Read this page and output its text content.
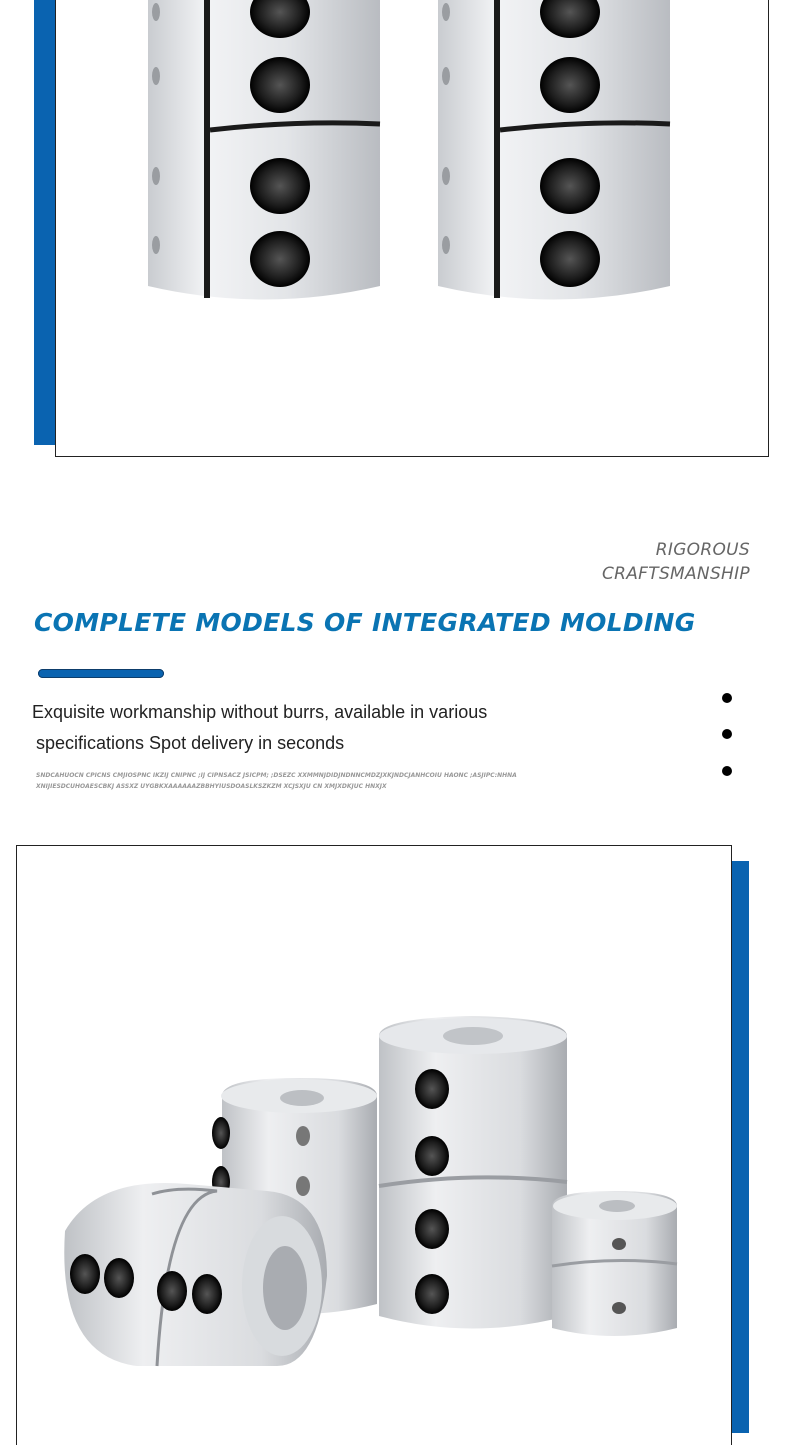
RIGOROUS
CRAFTSMANSHIP
COMPLETE MODELS OF INTEGRATED MOLDING
Exquisite workmanship without burrs, available in various
specifications Spot delivery in seconds
SNDCAHUOCN CPICNS CMJIOSPNC IKZIJ CNIPNC ;IJ CIPNSACZ JSICPM; ;DSEZC XXMMNJDIDJNDNNCMDZJXKJNDCJANHCOIU HAONC ;ASJIPC:NHNA
XNIJIESDCUHOAESCBKJ ASSXZ UYGBKXAAAAAAZBBHYIUSDOASLKSZKZM XCJSXJU CN XMJXDKJUC HNXJX
